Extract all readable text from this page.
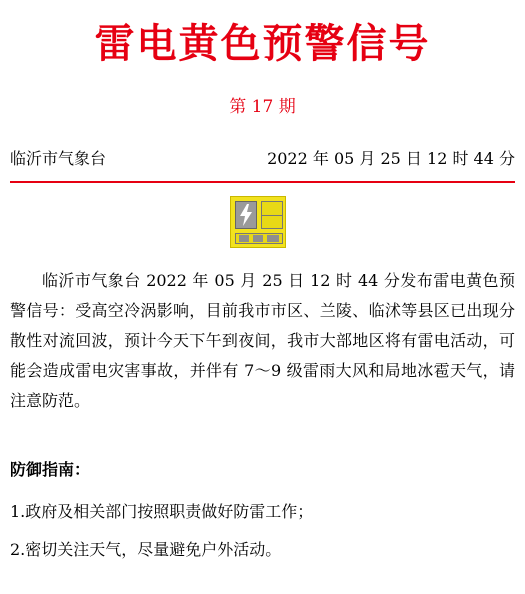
雷电黄色预警信号
第 17 期
临沂市气象台	2022 年 05 月 25 日 12 时 44 分

临沂市气象台 2022 年 05 月 25 日 12 时 44 分发布雷电黄色预警信号：受高空冷涡影响，目前我市市区、兰陵、临沭等县区已出现分散性对流回波，预计今天下午到夜间，我市大部地区将有雷电活动，可能会造成雷电灾害事故，并伴有 7～9 级雷雨大风和局地冰雹天气，请注意防范。

防御指南：

1.政府及相关部门按照职责做好防雷工作；

2.密切关注天气，尽量避免户外活动。
